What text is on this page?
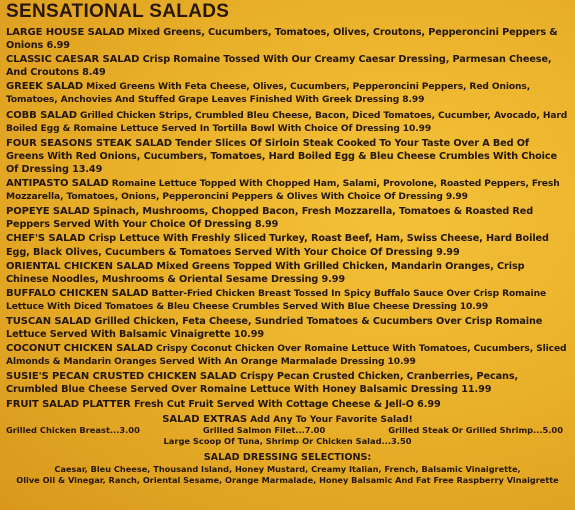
SENSATIONAL SALADS

LARGE HOUSE SALAD Mixed Greens, Cucumbers, Tomatoes, Olives, Croutons, Pepperoncini Peppers & Onions 6.99

CLASSIC CAESAR SALAD Crisp Romaine Tossed With Our Creamy Caesar Dressing, Parmesan Cheese, And Croutons 8.49

GREEK SALAD Mixed Greens With Feta Cheese, Olives, Cucumbers, Pepperoncini Peppers, Red Onions, Tomatoes, Anchovies And Stuffed Grape Leaves Finished With Greek Dressing 8.99

COBB SALAD Grilled Chicken Strips, Crumbled Bleu Cheese, Bacon, Diced Tomatoes, Cucumber, Avocado, Hard Boiled Egg & Romaine Lettuce Served In Tortilla Bowl With Choice Of Dressing 10.99

FOUR SEASONS STEAK SALAD Tender Slices Of Sirloin Steak Cooked To Your Taste Over A Bed Of Greens With Red Onions, Cucumbers, Tomatoes, Hard Boiled Egg & Bleu Cheese Crumbles With Choice Of Dressing 13.49

ANTIPASTO SALAD Romaine Lettuce Topped With Chopped Ham, Salami, Provolone, Roasted Peppers, Fresh Mozzarella, Tomatoes, Onions, Pepperoncini Peppers & Olives With Choice Of Dressing 9.99

POPEYE SALAD Spinach, Mushrooms, Chopped Bacon, Fresh Mozzarella, Tomatoes & Roasted Red Peppers Served With Your Choice Of Dressing 8.99

CHEF'S SALAD Crisp Lettuce With Freshly Sliced Turkey, Roast Beef, Ham, Swiss Cheese, Hard Boiled Egg, Black Olives, Cucumbers & Tomatoes Served With Your Choice Of Dressing 9.99

ORIENTAL CHICKEN SALAD Mixed Greens Topped With Grilled Chicken, Mandarin Oranges, Crisp Chinese Noodles, Mushrooms & Oriental Sesame Dressing 9.99

BUFFALO CHICKEN SALAD Batter-Fried Chicken Breast Tossed In Spicy Buffalo Sauce Over Crisp Romaine Lettuce With Diced Tomatoes & Bleu Cheese Crumbles Served With Blue Cheese Dressing 10.99

TUSCAN SALAD Grilled Chicken, Feta Cheese, Sundried Tomatoes & Cucumbers Over Crisp Romaine Lettuce Served With Balsamic Vinaigrette 10.99

COCONUT CHICKEN SALAD Crispy Coconut Chicken Over Romaine Lettuce With Tomatoes, Cucumbers, Sliced Almonds & Mandarin Oranges Served With An Orange Marmalade Dressing 10.99

SUSIE'S PECAN CRUSTED CHICKEN SALAD Crispy Pecan Crusted Chicken, Cranberries, Pecans, Crumbled Blue Cheese Served Over Romaine Lettuce With Honey Balsamic Dressing 11.99

FRUIT SALAD PLATTER Fresh Cut Fruit Served With Cottage Cheese & Jell-O 6.99

SALAD EXTRAS Add Any To Your Favorite Salad!
Grilled Chicken Breast...3.00	Grilled Salmon Filet...7.00	Grilled Steak Or Grilled Shrimp...5.00
Large Scoop Of Tuna, Shrimp Or Chicken Salad...3.50
SALAD DRESSING SELECTIONS:
Caesar, Bleu Cheese, Thousand Island, Honey Mustard, Creamy Italian, French, Balsamic Vinaigrette,
Olive Oil & Vinegar, Ranch, Oriental Sesame, Orange Marmalade, Honey Balsamic And Fat Free Raspberry Vinaigrette
